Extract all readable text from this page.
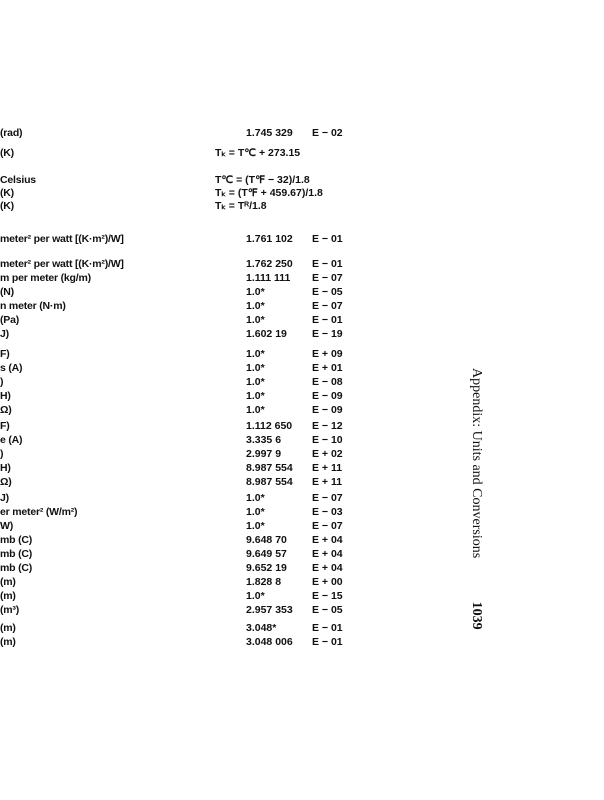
(rad)	1.745 329 E − 02
(K)	Tₖ = T℃ + 273.15
Celsius	T℃ = (T℉ − 32)/1.8
(K)	Tₖ = (T℉ + 459.67)/1.8
(K)	Tₖ = Tᴿ/1.8
meter² per watt [(K·m²)/W]	1.761 102 E − 01
meter² per watt [(K·m²)/W]	1.762 250 E − 01
m per meter (kg/m)	1.111 111 E − 07
(N)	1.0*	E − 05
n meter (N·m)	1.0*	E − 07
(Pa)	1.0*	E − 01
J)	1.602 19 E − 19
F)	1.0*	E + 09
s (A)	1.0*	E + 01
)	1.0*	E − 08
H)	1.0*	E − 09
Ω)	1.0*	E − 09
F)	1.112 650 E − 12
e (A)	3.335 6	E − 10
)	2.997 9	E + 02
H)	8.987 554 E + 11
Ω)	8.987 554 E + 11
J)	1.0*	E − 07
er meter² (W/m²)	1.0*	E − 03
W)	1.0*	E − 07
mb (C)	9.648 70 E + 04
mb (C)	9.649 57 E + 04
mb (C)	9.652 19 E + 04
(m)	1.828 8	E + 00
(m)	1.0*	E − 15
(m³)	2.957 353 E − 05
(m)	3.048*	E − 01
(m)	3.048 006 E − 01
Appendix: Units and Conversions 1039
